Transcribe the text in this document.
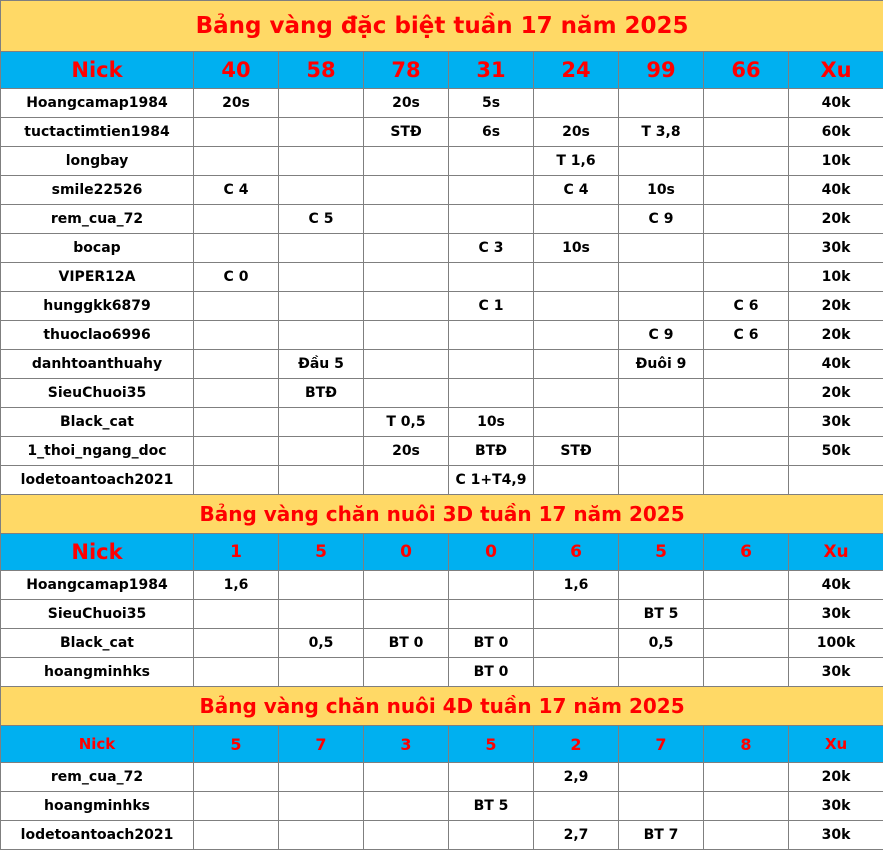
Bảng vàng đặc biệt tuần 17 năm 2025								
Nick	40	58	78	31	24	99	66	Xu
Hoangcamap1984	20s		20s	5s				40k
tuctactimtien1984			STĐ	6s	20s	T 3,8		60k
longbay					T 1,6			10k
smile22526	C 4				C 4	10s		40k
rem_cua_72		C 5				C 9		20k
bocap				C 3	10s			30k
VIPER12A	C 0							10k
hunggkk6879				C 1			C 6	20k
thuoclao6996						C 9	C 6	20k
danhtoanthuahy		Đầu 5				Đuôi 9		40k
SieuChuoi35		BTĐ						20k
Black_cat			T 0,5	10s				30k
1_thoi_ngang_doc			20s	BTĐ	STĐ			50k
lodetoantoach2021				C 1+T4,9				
Bảng vàng chăn nuôi 3D tuần 17 năm 2025								
Nick	1	5	0	0	6	5	6	Xu
Hoangcamap1984	1,6				1,6			40k
SieuChuoi35						BT 5		30k
Black_cat		0,5	BT 0	BT 0		0,5		100k
hoangminhks				BT 0				30k
Bảng vàng chăn nuôi 4D tuần 17 năm 2025								
Nick	5	7	3	5	2	7	8	Xu
rem_cua_72					2,9			20k
hoangminhks				BT 5				30k
lodetoantoach2021					2,7	BT 7		30k
